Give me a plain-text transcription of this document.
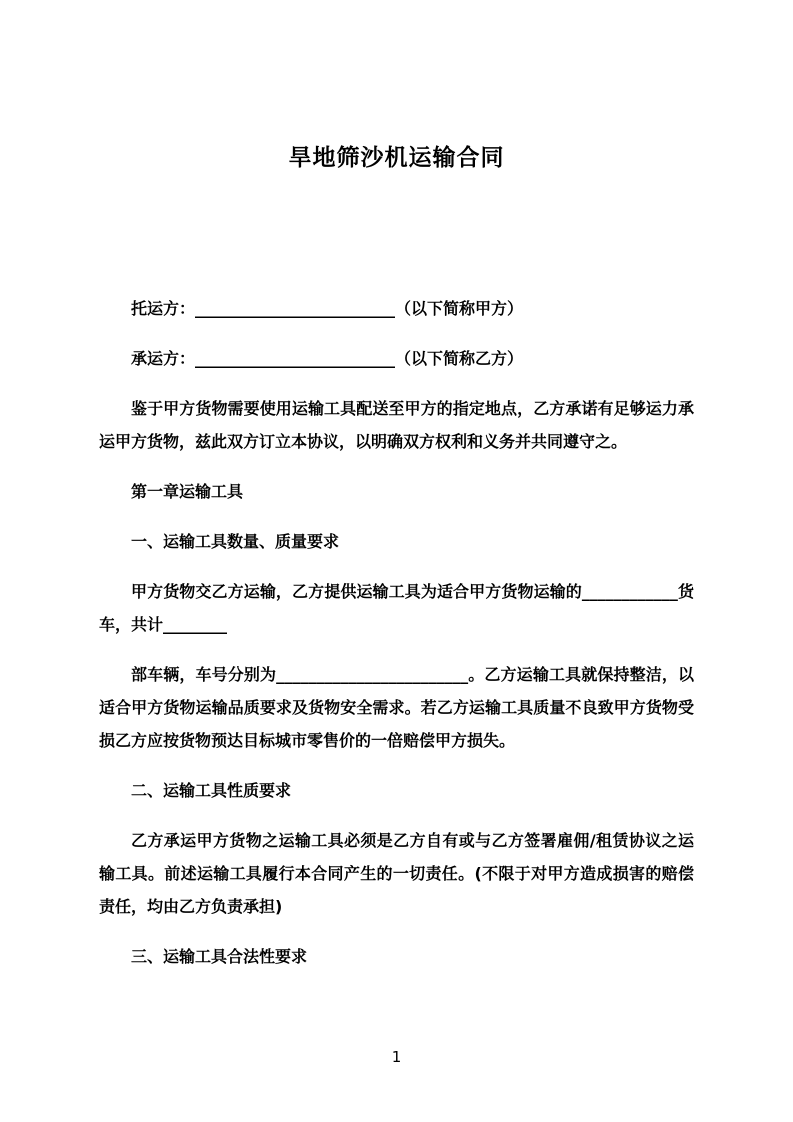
旱地筛沙机运输合同

托运方：_________________________（以下简称甲方）

承运方：_________________________（以下简称乙方）

鉴于甲方货物需要使用运输工具配送至甲方的指定地点，乙方承诺有足够运力承运甲方货物，兹此双方订立本协议，以明确双方权利和义务并共同遵守之。

第一章运输工具

一、运输工具数量、质量要求

甲方货物交乙方运输，乙方提供运输工具为适合甲方货物运输的____________货车，共计________

部车辆，车号分别为________________________。乙方运输工具就保持整洁，以适合甲方货物运输品质要求及货物安全需求。若乙方运输工具质量不良致甲方货物受损乙方应按货物预达目标城市零售价的一倍赔偿甲方损失。

二、运输工具性质要求

乙方承运甲方货物之运输工具必须是乙方自有或与乙方签署雇佣/租赁协议之运输工具。前述运输工具履行本合同产生的一切责任。(不限于对甲方造成损害的赔偿责任，均由乙方负责承担)

三、运输工具合法性要求

1
